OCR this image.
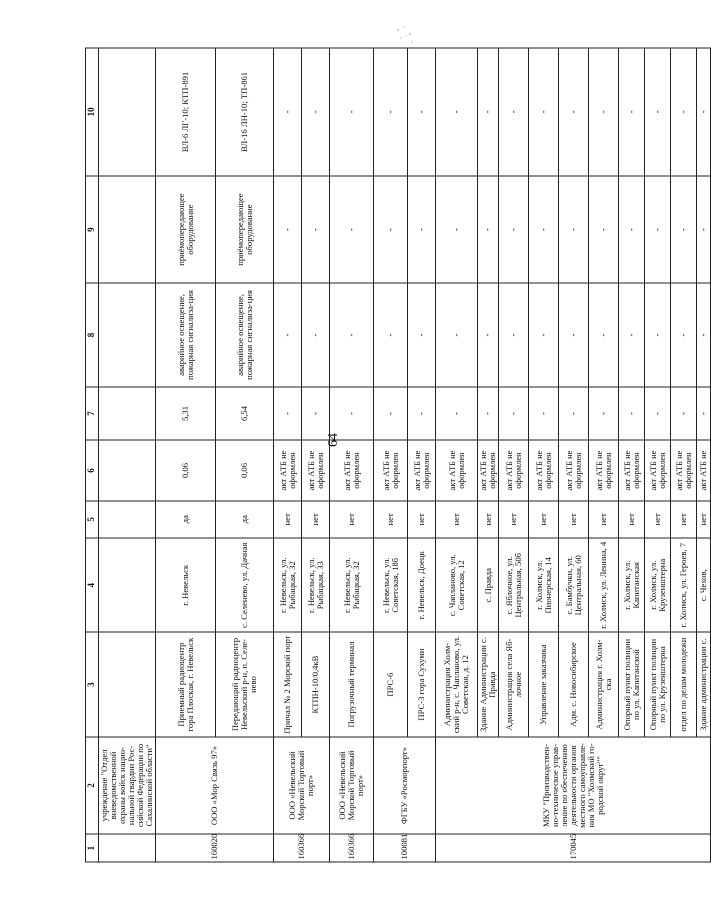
64
1	2	3	4	5	6	7	8	9	10
	учреждение "Отдел вневедомственной охраны войск нацио-нальной гвардии Рос-сийской Федерации по Сахалинской области"								
160020	ООО «Мор Связь 97»	Приемный радиоцентр гора Плоская, г. Невельск	г. Невельск	да	0,06	5,31	аварийное освещение, пожарная сигнализа-ция	приёмопередающее оборудование	ВЛ-6 ЛГ-10; КТП-891
		Передающий радиоцентр Невельский р-н, п. Селе-нево	с. Селенево, ул. Дачная	да	0,06	6,54	аварийное освещение, пожарная сигнализа-ция	приёмопередающее оборудование	ВЛ-16 ЛН-10; ТП-861
160366	ООО «Невельский Морской Торговый порт»	Причал № 2 Морской порт	г. Невельск, ул. Рыбацкая, 32	нет	акт АТБ не оформлен	-	-	-	-
		КТПН-10/0,4кВ	г. Невельск, ул. Рыбацкая, 33	нет	акт АТБ не оформлен	-	-	-	-
160366	ООО «Невельский Морской Торговый порт»	Погрузочный терминал	г. Невельск, ул. Рыбацкая, 32	нет	акт АТБ не оформлен	-	-	-	-
100081	ФГБУ «Росморпорт»	ПРС-6	г. Невельск, ул. Советская, 18б	нет	акт АТБ не оформлен	-	-	-	-
		ПРС-3 гора Сухуми	г. Невельск, Доецк	нет	акт АТБ не оформлен	-	-	-	-
170045	МКУ "Производствен-но-техническое управ-ление по обеспечению деятельности органов местного самоуправле-ния МО "Холмский го-родской округ""	Администрация Холм-ский р-н, с. Чапланово, ул. Советская, д. 12	с. Чапланово, ул. Советская, 12	нет	акт АТБ не оформлен	-	-	-	-
		Здание Администрации с. Правда	с. Правда	нет	акт АТБ не оформлен	-	-	-	-
		Администрация села Яб-лочное	с. Яблочное, ул. Центральная, 50б	нет	акт АТБ не оформлен	-	-	-	-
		Управление заказчика	г. Холмск, ул. Пионерская, 14	нет	акт АТБ не оформлен	-	-	-	-
		Адм. с. Новосибирское	с. Бамбучки, ул. Центральная, 60	нет	акт АТБ не оформлен	-	-	-	-
		Администрация г. Холм-ска	г. Холмск, ул. Ленина, 4	нет	акт АТБ не оформлен	-	-	-	-
		Опорный пункт полиции по ул. Капитанской	г. Холмск, ул. Капитанская	нет	акт АТБ не оформлен	-	-	-	-
		Опорный пункт полиции по ул. Крузенштерна	г. Холмск, ул. Крузенштерна	нет	акт АТБ не оформлен	-	-	-	-
		отдел по делам молодежи	г. Холмск, ул. Героев, 7	нет	акт АТБ не оформлен	-	-	-	-
		Здание администрации с.	с. Чехов,	нет	акт АТБ не	-	-	-	-
